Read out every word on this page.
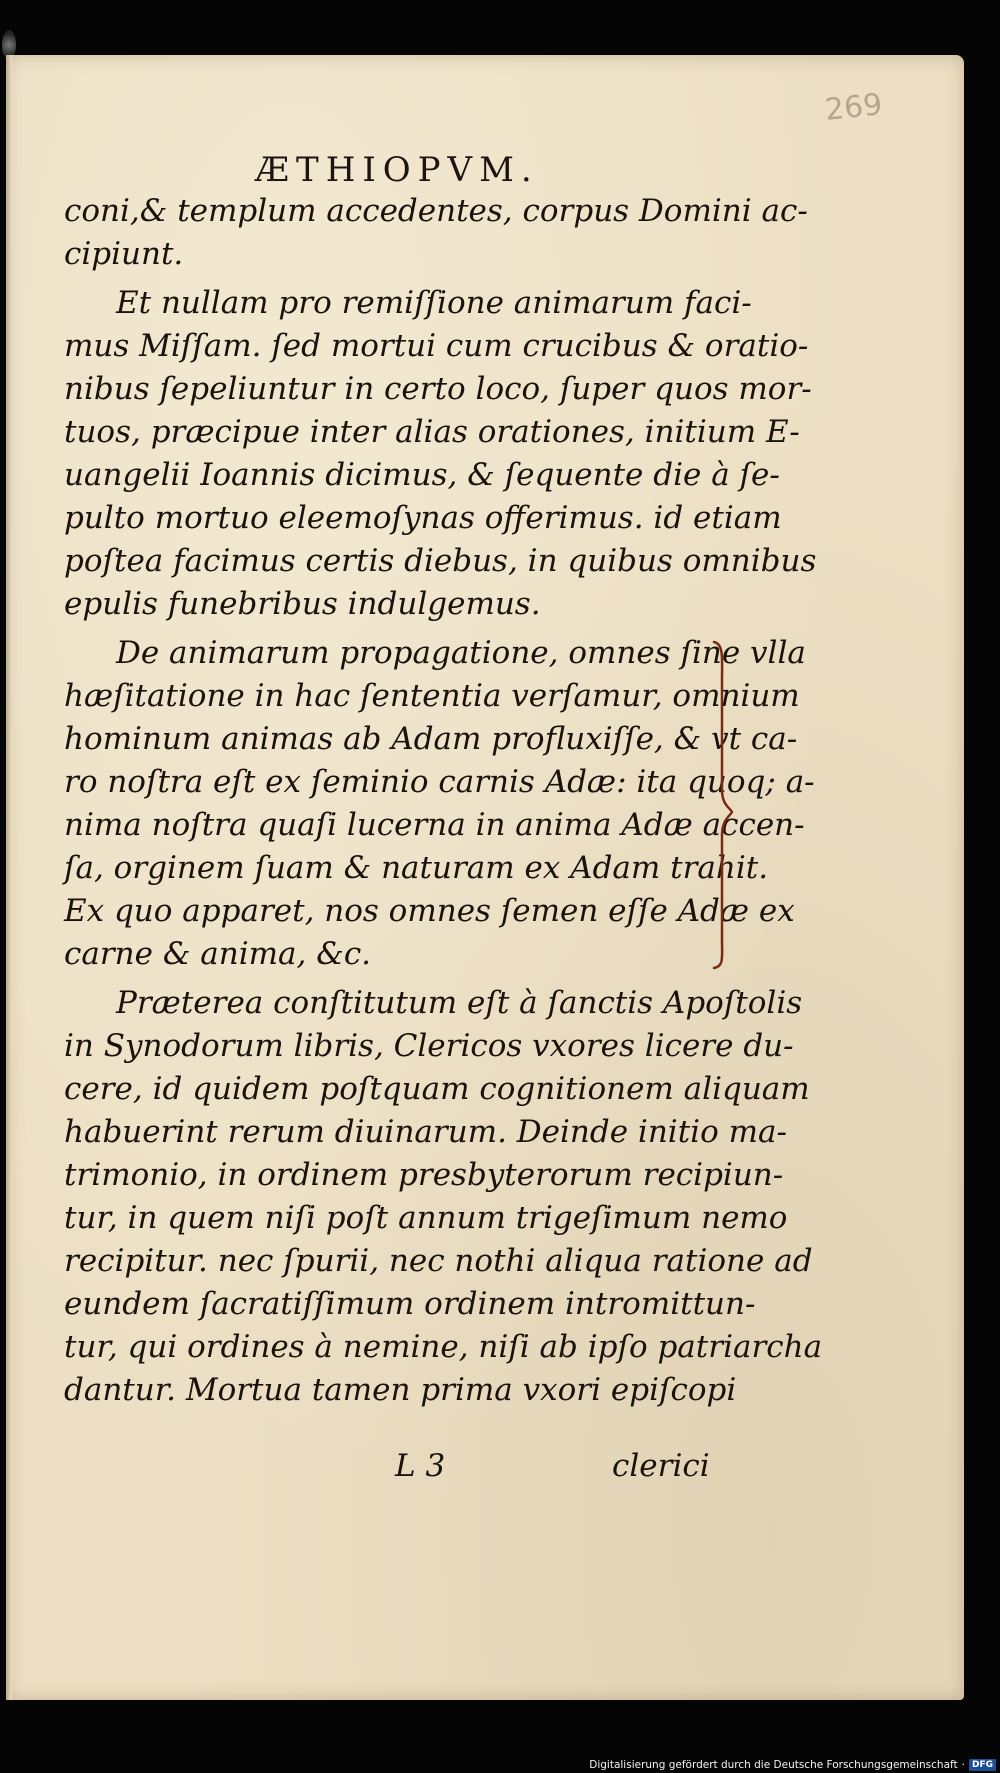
269
ÆTHIOPVM.
coni,& templum accedentes, corpus Domini ac-
cipiunt.
Et nullam pro remiſſione animarum faci-
mus Miſſam. ſed mortui cum crucibus & oratio-
nibus ſepeliuntur in certo loco, ſuper quos mor-
tuos, præcipue inter alias orationes, initium E-
uangelii Ioannis dicimus, & ſequente die à ſe-
pulto mortuo eleemoſynas offerimus. id etiam
poſtea facimus certis diebus, in quibus omnibus
epulis funebribus indulgemus.
De animarum propagatione, omnes ſine vlla
hæſitatione in hac ſententia verſamur, omnium
hominum animas ab Adam profluxiſſe, & vt ca-
ro noſtra eſt ex ſeminio carnis Adæ: ita quoq; a-
nima noſtra quaſi lucerna in anima Adæ accen-
ſa, orginem ſuam & naturam ex Adam trahit.
Ex quo apparet, nos omnes ſemen eſſe Adæ ex
carne & anima, &c.
Præterea conſtitutum eſt à ſanctis Apoſtolis
in Synodorum libris, Clericos vxores licere du-
cere, id quidem poſtquam cognitionem aliquam
habuerint rerum diuinarum. Deinde initio ma-
trimonio, in ordinem presbyterorum recipiun-
tur, in quem niſi poſt annum trigeſimum nemo
recipitur. nec ſpurii, nec nothi aliqua ratione ad
eundem ſacratiſſimum ordinem intromittun-
tur, qui ordines à nemine, niſi ab ipſo patriarcha
dantur. Mortua tamen prima vxori epiſcopi
L 3	clerici
Digitalisierung gefördert durch die Deutsche Forschungsgemeinschaft · DFG
